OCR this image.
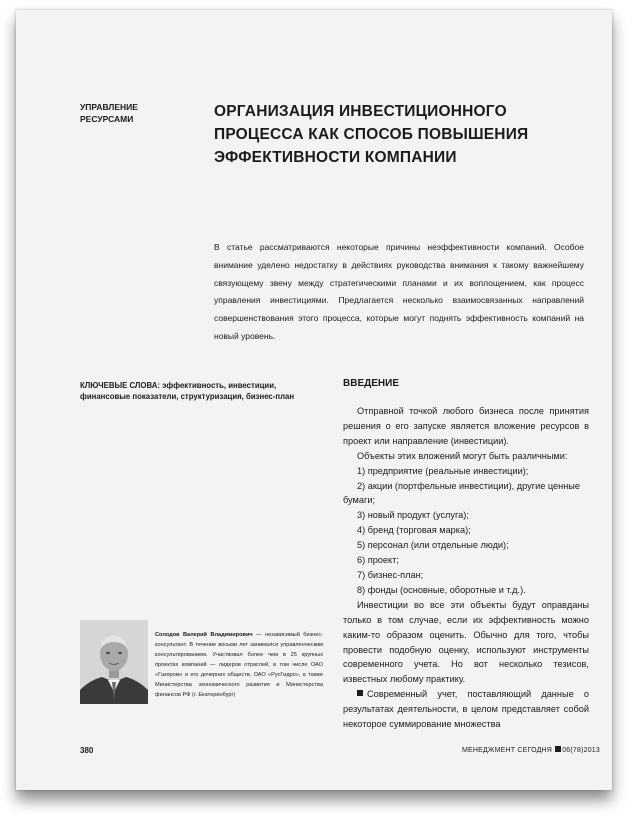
УПРАВЛЕНИЕ РЕСУРСАМИ	ОРГАНИЗАЦИЯ ИНВЕСТИЦИОННОГО ПРОЦЕССА КАК СПОСОБ ПОВЫШЕНИЯ ЭФФЕКТИВНОСТИ КОМПАНИИ
В статье рассматриваются некоторые причины неэффективности компаний. Особое внимание уделено недостатку в действиях руководства внимания к такому важнейшему связующему звену между стратегическими планами и их воплощением, как процесс управления инвестициями. Предлагается несколько взаимосвязанных направлений совершенствования этого процесса, которые могут поднять эффективность компаний на новый уровень.
КЛЮЧЕВЫЕ СЛОВА: эффективность, инвестиции, финансовые показатели, структуризация, бизнес-план
ВВЕДЕНИЕ

Отправной точкой любого бизнеса после принятия решения о его запуске является вложение ресурсов в проект или направление (инвестиции).

Объекты этих вложений могут быть различными:

1) предприятие (реальные инвестиции);
2) акции (портфельные инвестиции), другие ценные бумаги;
3) новый продукт (услуга);
4) бренд (торговая марка);
5) персонал (или отдельные люди);
6) проект;
7) бизнес-план;
8) фонды (основные, оборотные и т.д.).

Инвестиции во все эти объекты будут оправданы только в том случае, если их эффективность можно каким-то образом оценить. Обычно для того, чтобы провести подобную оценку, используют инструменты современного учета. Но вот несколько тезисов, известных любому практику.

Современный учет, поставляющий данные о результатах деятельности, в целом представляет собой некоторое суммирование множества

Солодов Валерий Владимирович — независимый бизнес-консультант. В течение восьми лет занимался управленческим консультированием. Участвовал более чем в 25 крупных проектах компаний — лидеров отраслей, в том числе ОАО «Газпром» и его дочерних обществ, ОАО «РусГидро», а также Министерства экономического развития и Министерства финансов РФ (г. Екатеринбург)
380	МЕНЕДЖМЕНТ СЕГОДНЯ 06(78)2013
